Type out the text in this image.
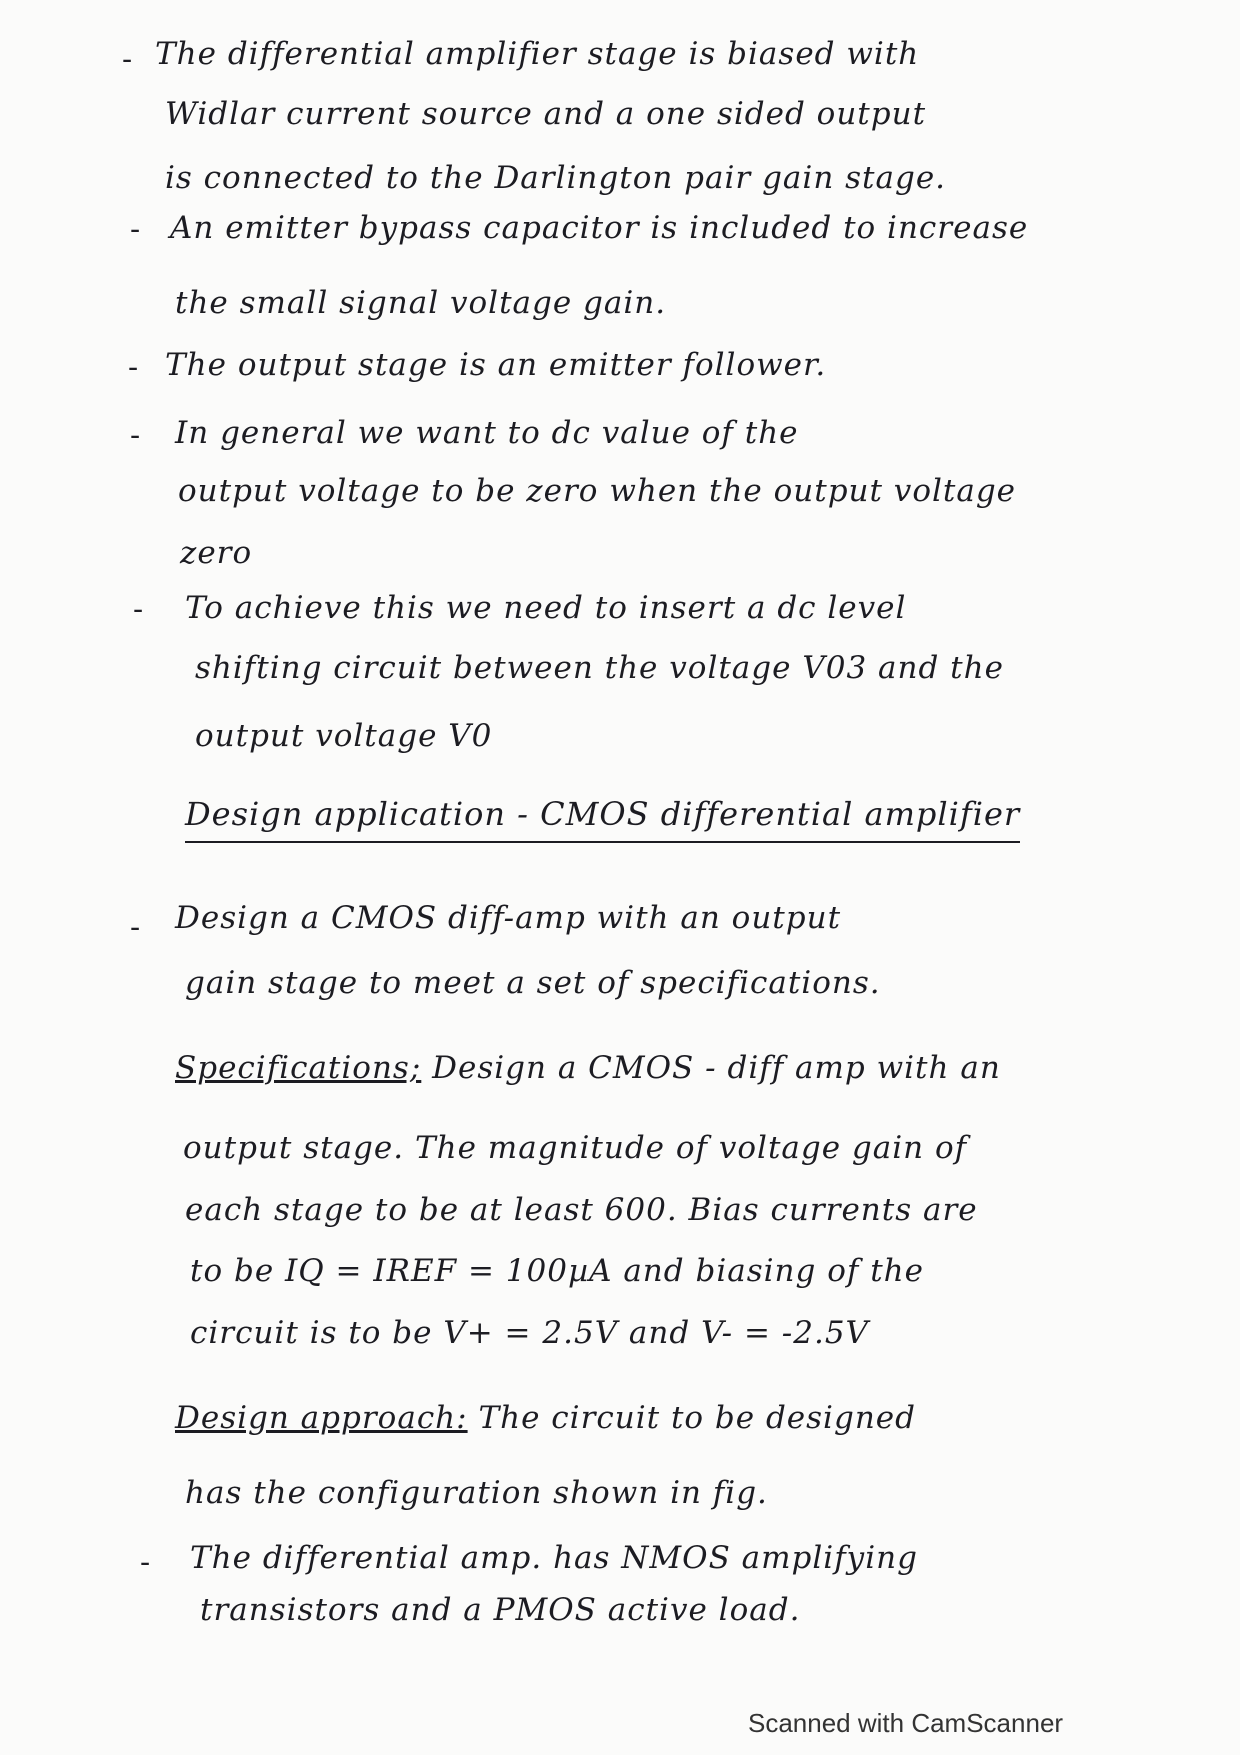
- The differential amplifier stage is biased with
Widlar current source and a one sided output
is connected to the Darlington pair gain stage.
- An emitter bypass capacitor is included to increase
the small signal voltage gain.
- The output stage is an emitter follower.
- In general we want to dc value of the
output voltage to be zero when the output voltage
zero
- To achieve this we need to insert a dc level
shifting circuit between the voltage V03 and the
output voltage V0
Design application - CMOS differential amplifier
- Design a CMOS diff-amp with an output
gain stage to meet a set of specifications.
Specifications; Design a CMOS - diff amp with an
output stage. The magnitude of voltage gain of
each stage to be at least 600. Bias currents are
to be IQ = IREF = 100µA and biasing of the
circuit is to be V+ = 2.5V and V- = -2.5V
Design approach: The circuit to be designed
has the configuration shown in fig.
- The differential amp. has NMOS amplifying
transistors and a PMOS active load.
Scanned with CamScanner
